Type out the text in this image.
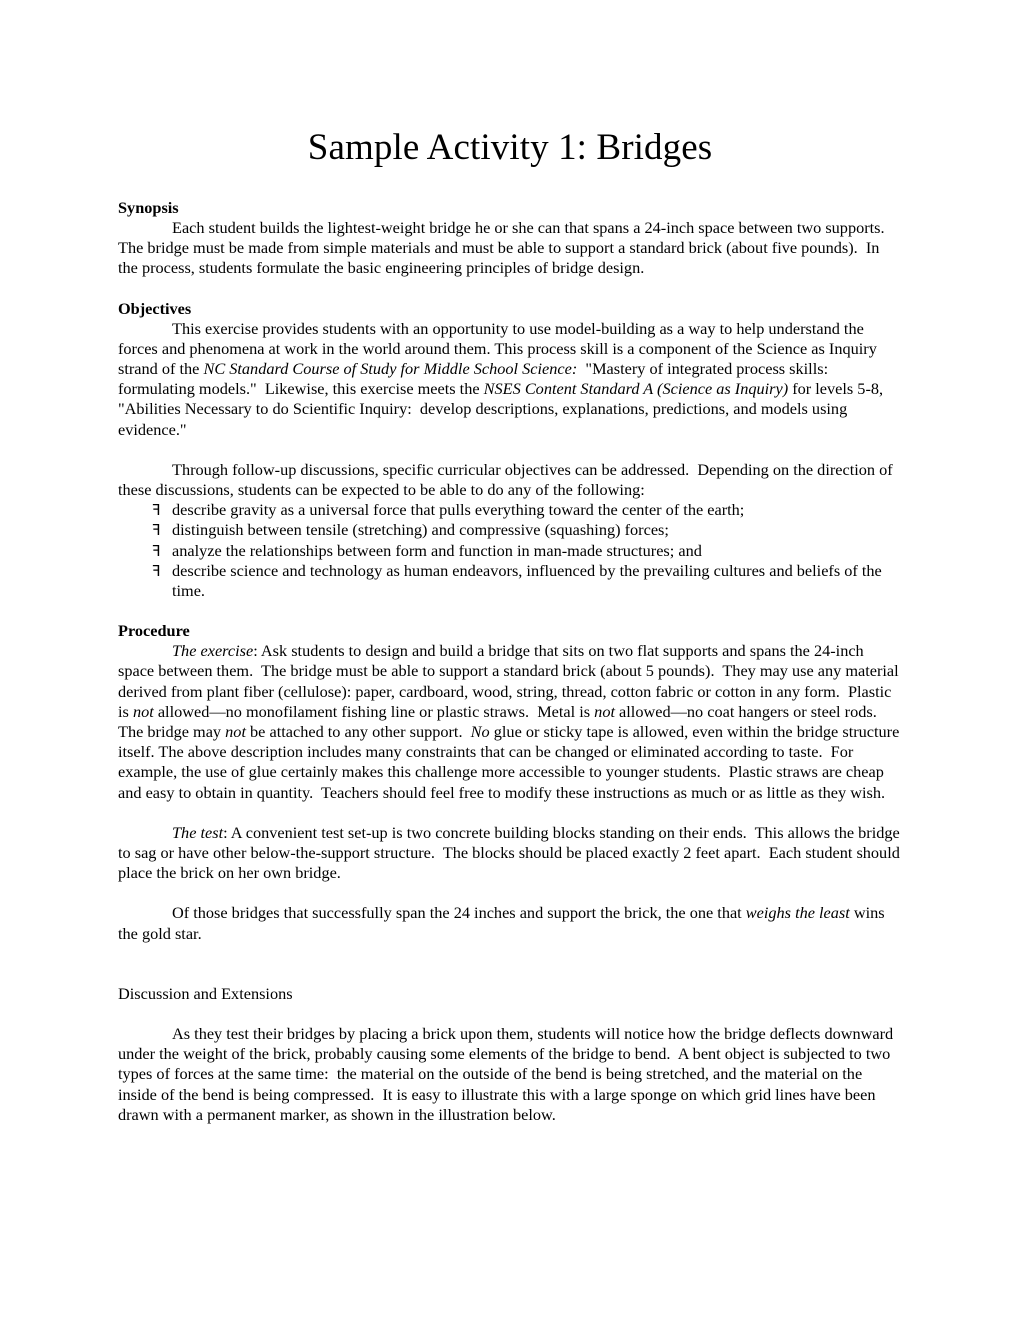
Sample Activity 1: Bridges
Synopsis

Each student builds the lightest-weight bridge he or she can that spans a 24-inch space between two supports.  The bridge must be made from simple materials and must be able to support a standard brick (about five pounds).  In the process, students formulate the basic engineering principles of bridge design.

Objectives

This exercise provides students with an opportunity to use model-building as a way to help understand the forces and phenomena at work in the world around them. This process skill is a component of the Science as Inquiry strand of the NC Standard Course of Study for Middle School Science:  "Mastery of integrated process skills: formulating models."  Likewise, this exercise meets the NSES Content Standard A (Science as Inquiry) for levels 5-8, "Abilities Necessary to do Scientific Inquiry:  develop descriptions, explanations, predictions, and models using evidence."

Through follow-up discussions, specific curricular objectives can be addressed.  Depending on the direction of these discussions, students can be expected to be able to do any of the following:

F describe gravity as a universal force that pulls everything toward the center of the earth;
F distinguish between tensile (stretching) and compressive (squashing) forces;
F analyze the relationships between form and function in man-made structures; and
F describe science and technology as human endeavors, influenced by the prevailing cultures and beliefs of the time.
Procedure

The exercise: Ask students to design and build a bridge that sits on two flat supports and spans the 24-inch space between them.  The bridge must be able to support a standard brick (about 5 pounds).  They may use any material derived from plant fiber (cellulose): paper, cardboard, wood, string, thread, cotton fabric or cotton in any form.  Plastic is not allowed—no monofilament fishing line or plastic straws.  Metal is not allowed—no coat hangers or steel rods.  The bridge may not be attached to any other support.  No glue or sticky tape is allowed, even within the bridge structure itself. The above description includes many constraints that can be changed or eliminated according to taste.  For example, the use of glue certainly makes this challenge more accessible to younger students.  Plastic straws are cheap and easy to obtain in quantity.  Teachers should feel free to modify these instructions as much or as little as they wish.

The test: A convenient test set-up is two concrete building blocks standing on their ends.  This allows the bridge to sag or have other below-the-support structure.  The blocks should be placed exactly 2 feet apart.  Each student should place the brick on her own bridge.

Of those bridges that successfully span the 24 inches and support the brick, the one that weighs the least wins the gold star.

Discussion and Extensions

As they test their bridges by placing a brick upon them, students will notice how the bridge deflects downward under the weight of the brick, probably causing some elements of the bridge to bend.  A bent object is subjected to two types of forces at the same time:  the material on the outside of the bend is being stretched, and the material on the inside of the bend is being compressed.  It is easy to illustrate this with a large sponge on which grid lines have been drawn with a permanent marker, as shown in the illustration below.
